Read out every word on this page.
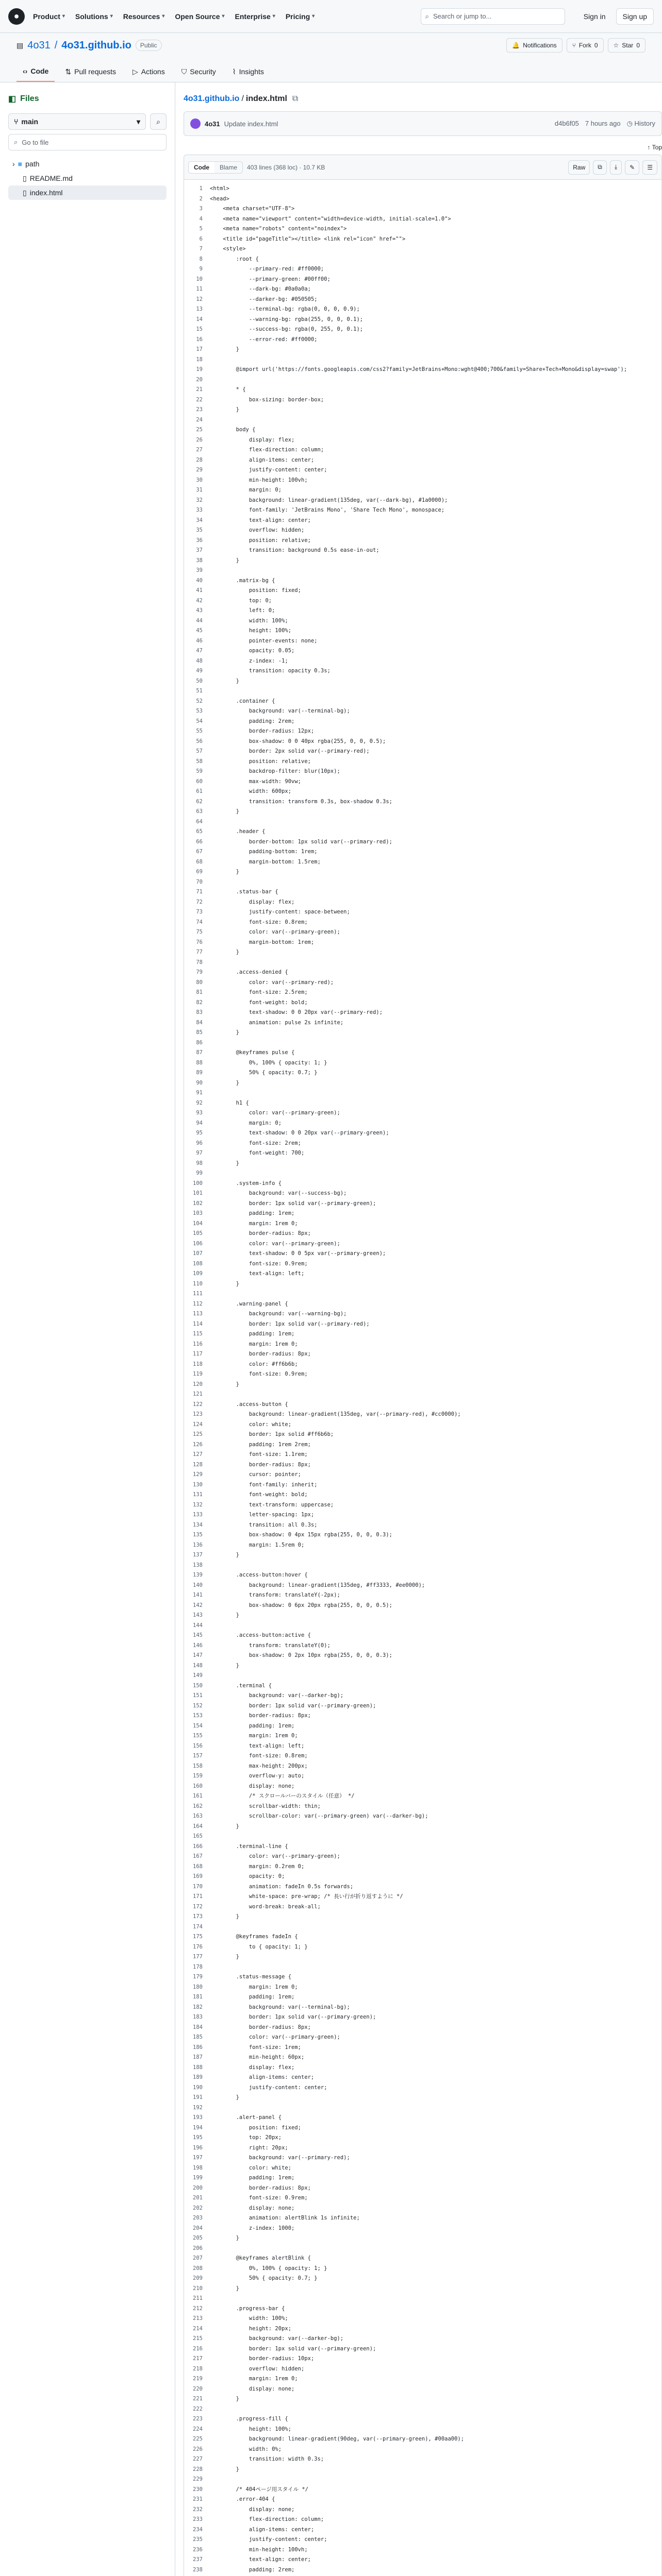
●	Product ▾	Solutions ▾	Resources ▾	Open Source ▾	Enterprise ▾	Pricing ▾	⌕ Search or jump to...	Sign in	Sign up
▤ 4o31 / 4o31.github.io	Public	🔔 Notifications	⑂ Fork 0	☆ Star 0
‹› Code ⇅ Pull requests ▷ Actions ⛉ Security ⌇ Insights
◧ Files
⑂ main	▾ ⌕
⌕ Go to file
› ■ path
▯ README.md
▯ index.html
4o31.github.io / index.html ⧉
4o31 Update index.html	d4b6f05 7 hours ago ◷ History
↑ Top
Code	Blame	403 lines (368 loc) · 10.7 KB	Raw	⧉	⤓	✎	☰
1	<html>
2	<head>
3	<meta charset="UTF-8">
4	<meta name="viewport" content="width=device-width, initial-scale=1.0">
5	<meta name="robots" content="noindex">
6	<title id="pageTitle"></title> <link rel="icon" href="">
7	<style>
8	:root {
9	--primary-red: #ff0000;
10	--primary-green: #00ff00;
11	--dark-bg: #0a0a0a;
12	--darker-bg: #050505;
13	--terminal-bg: rgba(0, 0, 0, 0.9);
14	--warning-bg: rgba(255, 0, 0, 0.1);
15	--success-bg: rgba(0, 255, 0, 0.1);
16	--error-red: #ff0000;
17	}
18
19	@import url('https://fonts.googleapis.com/css2?family=JetBrains+Mono:wght@400;700&family=Share+Tech+Mono&display=swap');
20
21	* {
22	box-sizing: border-box;
23	}
24
25	body {
26	display: flex;
27	flex-direction: column;
28	align-items: center;
29	justify-content: center;
30	min-height: 100vh;
31	margin: 0;
32	background: linear-gradient(135deg, var(--dark-bg), #1a0000);
33	font-family: 'JetBrains Mono', 'Share Tech Mono', monospace;
34	text-align: center;
35	overflow: hidden;
36	position: relative;
37	transition: background 0.5s ease-in-out;
38	}
39
40	.matrix-bg {
41	position: fixed;
42	top: 0;
43	left: 0;
44	width: 100%;
45	height: 100%;
46	pointer-events: none;
47	opacity: 0.05;
48	z-index: -1;
49	transition: opacity 0.3s;
50	}
51
52	.container {
53	background: var(--terminal-bg);
54	padding: 2rem;
55	border-radius: 12px;
56	box-shadow: 0 0 40px rgba(255, 0, 0, 0.5);
57	border: 2px solid var(--primary-red);
58	position: relative;
59	backdrop-filter: blur(10px);
60	max-width: 90vw;
61	width: 600px;
62	transition: transform 0.3s, box-shadow 0.3s;
63	}
64
65	.header {
66	border-bottom: 1px solid var(--primary-red);
67	padding-bottom: 1rem;
68	margin-bottom: 1.5rem;
69	}
70
71	.status-bar {
72	display: flex;
73	justify-content: space-between;
74	font-size: 0.8rem;
75	color: var(--primary-green);
76	margin-bottom: 1rem;
77	}
78
79	.access-denied {
80	color: var(--primary-red);
81	font-size: 2.5rem;
82	font-weight: bold;
83	text-shadow: 0 0 20px var(--primary-red);
84	animation: pulse 2s infinite;
85	}
86
87	@keyframes pulse {
88	0%, 100% { opacity: 1; }
89	50% { opacity: 0.7; }
90	}
91
92	h1 {
93	color: var(--primary-green);
94	margin: 0;
95	text-shadow: 0 0 20px var(--primary-green);
96	font-size: 2rem;
97	font-weight: 700;
98	}
99
100	.system-info {
101	background: var(--success-bg);
102	border: 1px solid var(--primary-green);
103	padding: 1rem;
104	margin: 1rem 0;
105	border-radius: 8px;
106	color: var(--primary-green);
107	text-shadow: 0 0 5px var(--primary-green);
108	font-size: 0.9rem;
109	text-align: left;
110	}
111
112	.warning-panel {
113	background: var(--warning-bg);
114	border: 1px solid var(--primary-red);
115	padding: 1rem;
116	margin: 1rem 0;
117	border-radius: 8px;
118	color: #ff6b6b;
119	font-size: 0.9rem;
120	}
121
122	.access-button {
123	background: linear-gradient(135deg, var(--primary-red), #cc0000);
124	color: white;
125	border: 1px solid #ff6b6b;
126	padding: 1rem 2rem;
127	font-size: 1.1rem;
128	border-radius: 8px;
129	cursor: pointer;
130	font-family: inherit;
131	font-weight: bold;
132	text-transform: uppercase;
133	letter-spacing: 1px;
134	transition: all 0.3s;
135	box-shadow: 0 4px 15px rgba(255, 0, 0, 0.3);
136	margin: 1.5rem 0;
137	}
138
139	.access-button:hover {
140	background: linear-gradient(135deg, #ff3333, #ee0000);
141	transform: translateY(-2px);
142	box-shadow: 0 6px 20px rgba(255, 0, 0, 0.5);
143	}
144
145	.access-button:active {
146	transform: translateY(0);
147	box-shadow: 0 2px 10px rgba(255, 0, 0, 0.3);
148	}
149
150	.terminal {
151	background: var(--darker-bg);
152	border: 1px solid var(--primary-green);
153	border-radius: 8px;
154	padding: 1rem;
155	margin: 1rem 0;
156	text-align: left;
157	font-size: 0.8rem;
158	max-height: 200px;
159	overflow-y: auto;
160	display: none;
161	/* スクロールバーのスタイル（任意） */
162	scrollbar-width: thin;
163	scrollbar-color: var(--primary-green) var(--darker-bg);
164	}
165
166	.terminal-line {
167	color: var(--primary-green);
168	margin: 0.2rem 0;
169	opacity: 0;
170	animation: fadeIn 0.5s forwards;
171	white-space: pre-wrap; /* 長い行が折り返すように */
172	word-break: break-all;
173	}
174
175	@keyframes fadeIn {
176	to { opacity: 1; }
177	}
178
179	.status-message {
180	margin: 1rem 0;
181	padding: 1rem;
182	background: var(--terminal-bg);
183	border: 1px solid var(--primary-green);
184	border-radius: 8px;
185	color: var(--primary-green);
186	font-size: 1rem;
187	min-height: 60px;
188	display: flex;
189	align-items: center;
190	justify-content: center;
191	}
192
193	.alert-panel {
194	position: fixed;
195	top: 20px;
196	right: 20px;
197	background: var(--primary-red);
198	color: white;
199	padding: 1rem;
200	border-radius: 8px;
201	font-size: 0.9rem;
202	display: none;
203	animation: alertBlink 1s infinite;
204	z-index: 1000;
205	}
206
207	@keyframes alertBlink {
208	0%, 100% { opacity: 1; }
209	50% { opacity: 0.7; }
210	}
211
212	.progress-bar {
213	width: 100%;
214	height: 20px;
215	background: var(--darker-bg);
216	border: 1px solid var(--primary-green);
217	border-radius: 10px;
218	overflow: hidden;
219	margin: 1rem 0;
220	display: none;
221	}
222
223	.progress-fill {
224	height: 100%;
225	background: linear-gradient(90deg, var(--primary-green), #00aa00);
226	width: 0%;
227	transition: width 0.3s;
228	}
229
230	/* 404ページ用スタイル */
231	.error-404 {
232	display: none;
233	flex-direction: column;
234	align-items: center;
235	justify-content: center;
236	min-height: 100vh;
237	text-align: center;
238	padding: 2rem;
